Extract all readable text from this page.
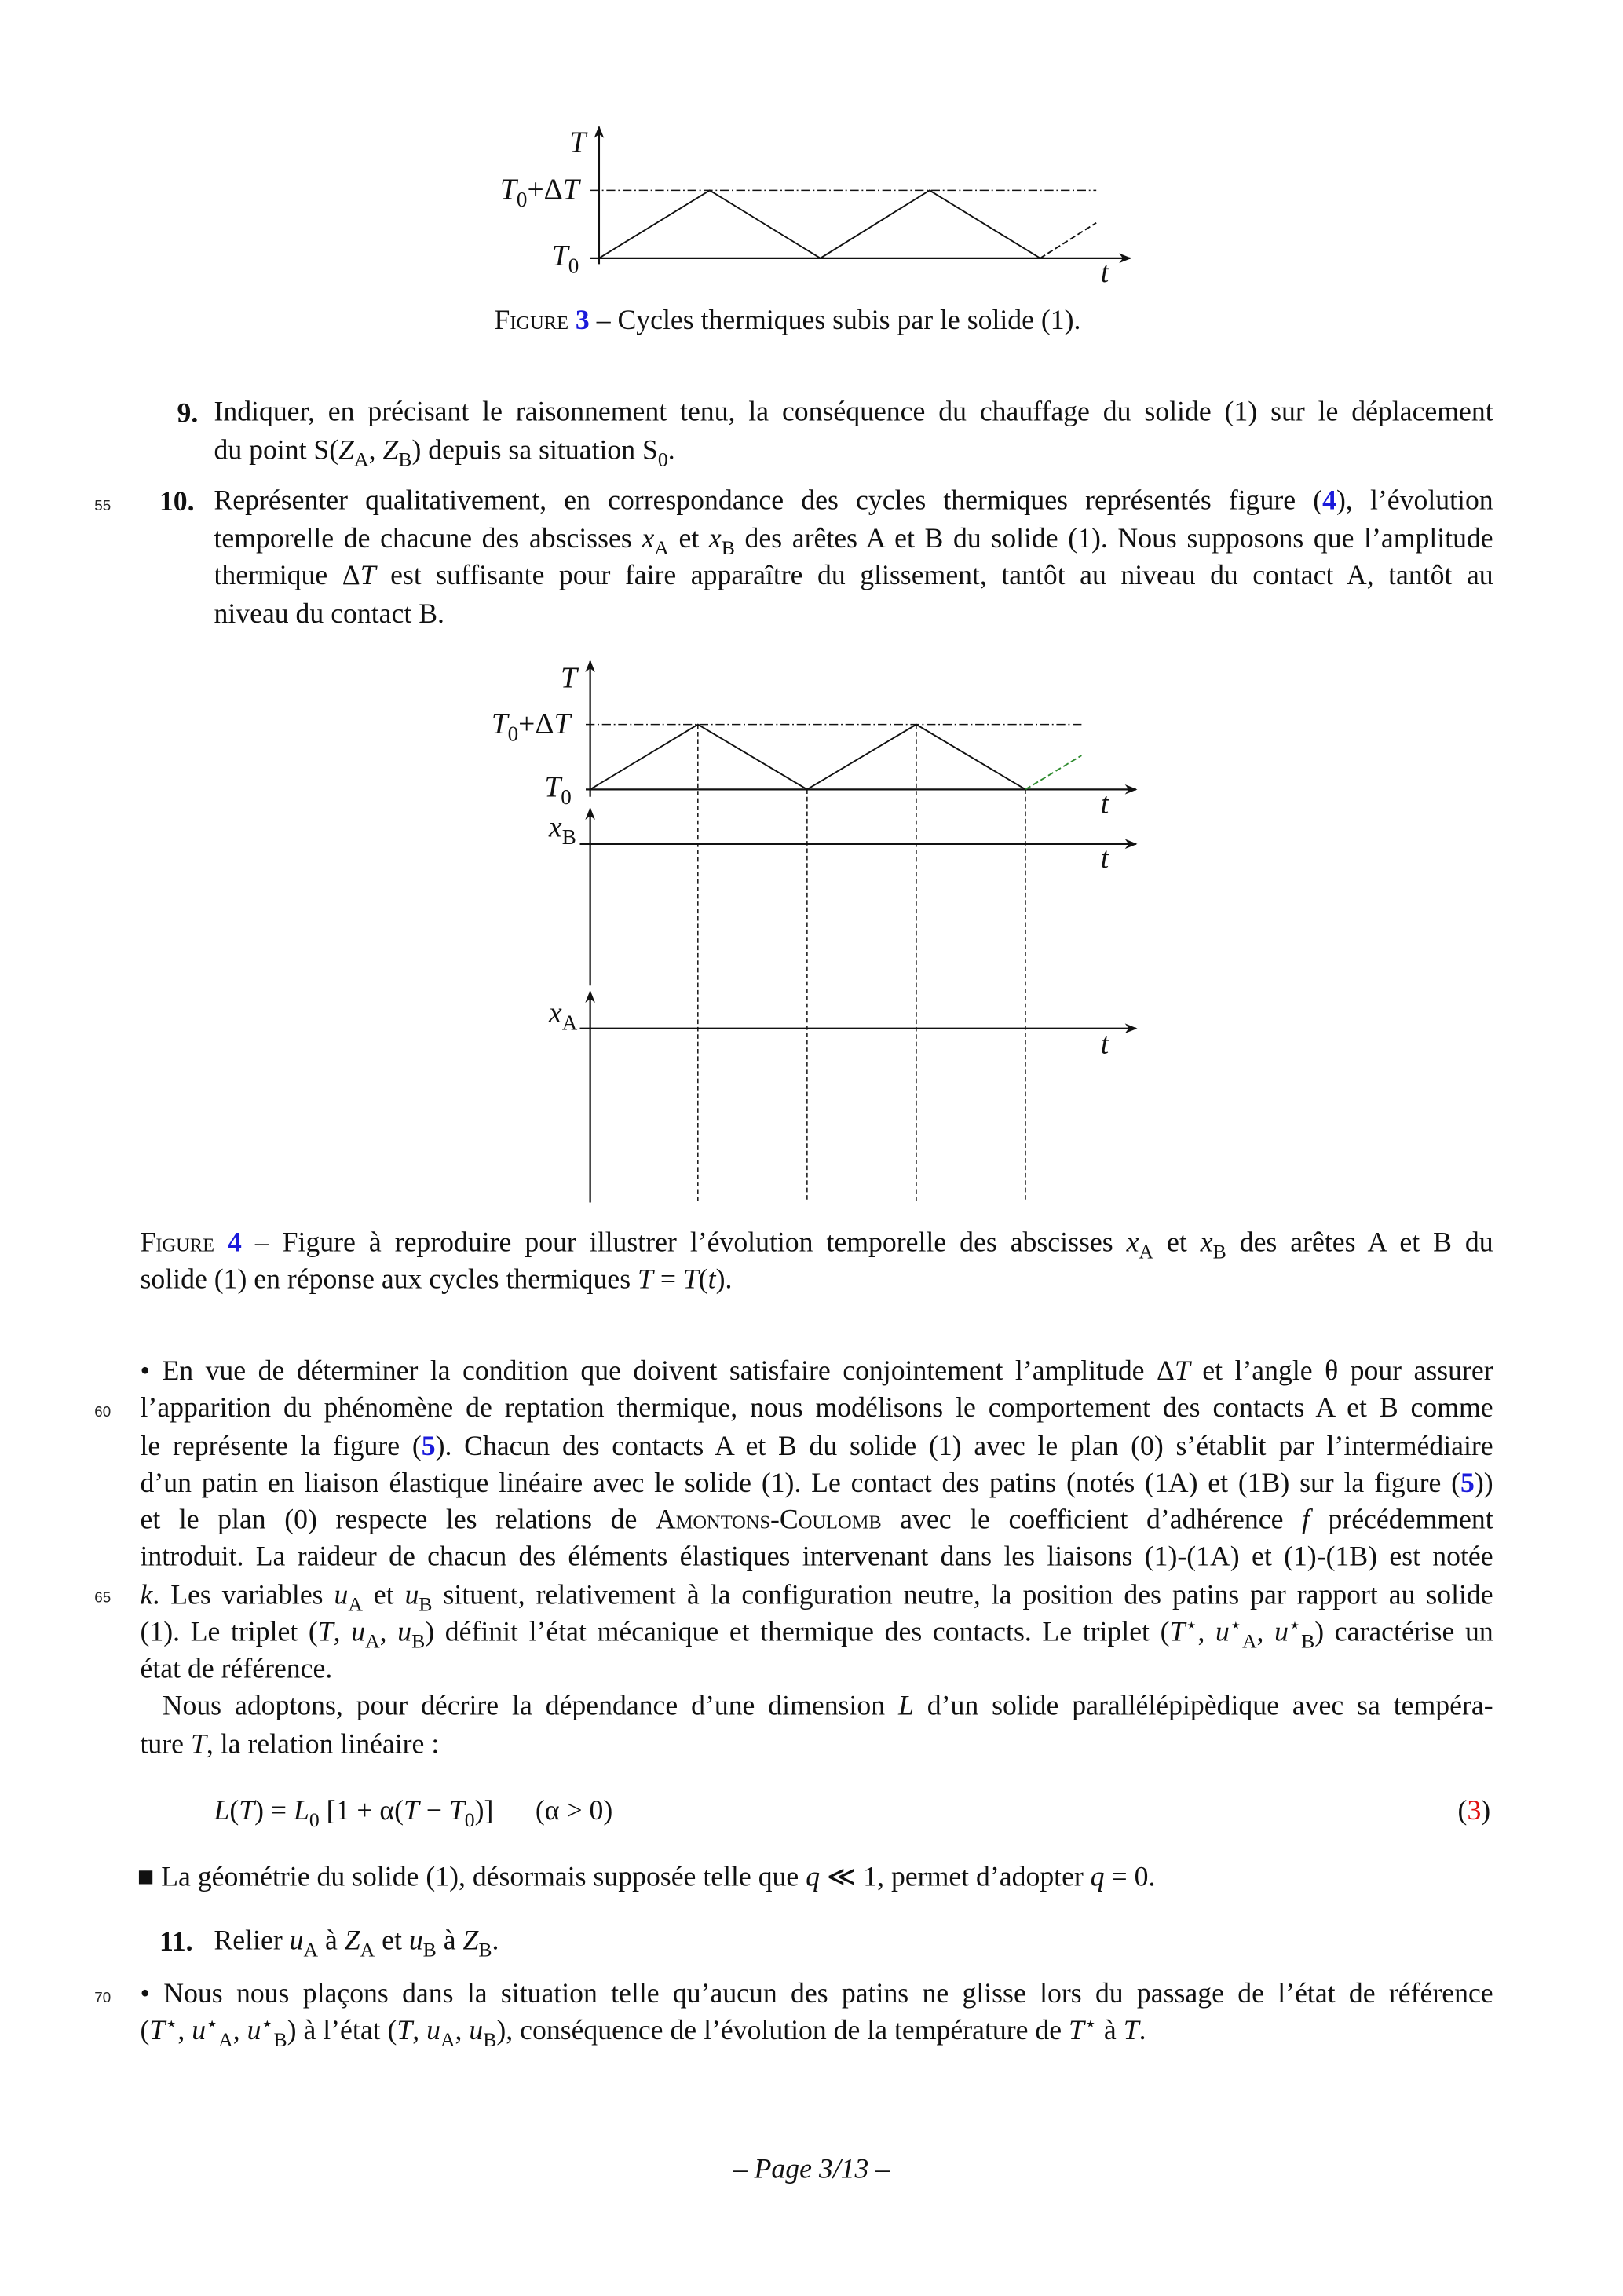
T
$T_0+\Delta T$
$T_0$	t
Figure 3 – Cycles thermiques subis par le solide (1).
9. Indiquer, en précisant le raisonnement tenu, la conséquence du chauffage du solide (1) sur le déplacement
du point $S(Z_A$, $Z_B$) depuis sa situation $S_0$.
55	10. Représenter qualitativement, en correspondance des cycles thermiques représentés figure (4), l’évolution
temporelle de chacune des abscisses $x_A$ et $x_B$ des arêtes A et B du solide (1). Nous supposons que l’amplitude
thermique ΔT est suffisante pour faire apparaître du glissement, tantôt au niveau du contact A, tantôt au
niveau du contact B.
T
$T_0+\Delta T$
$T_0$	t
$x_B$
t
$x_A$
t
Figure 4 – Figure à reproduire pour illustrer l’évolution temporelle des abscisses $x_A$ et $x_B$ des arêtes A et B du
solide (1) en réponse aux cycles thermiques T = T(t).
• En vue de déterminer la condition que doivent satisfaire conjointement l’amplitude ΔT et l’angle θ pour assurer
60 l’apparition du phénomène de reptation thermique, nous modélisons le comportement des contacts A et B comme
le représente la figure (5). Chacun des contacts A et B du solide (1) avec le plan (0) s’établit par l’intermédiaire
d’un patin en liaison élastique linéaire avec le solide (1). Le contact des patins (notés (1A) et (1B) sur la figure (5))
et le plan (0) respecte les relations de Amontons-Coulomb avec le coefficient d’adhérence f précédemment
introduit. La raideur de chacun des éléments élastiques intervenant dans les liaisons (1)-(1A) et (1)-(1B) est notée
65 k. Les variables $u_A$ et $u_B$ situent, relativement à la configuration neutre, la position des patins par rapport au solide
(1). Le triplet (T, $u_A$, $u_B$) définit l’état mécanique et thermique des contacts. Le triplet (T⋆, $u^⋆_A$, $u^⋆_B$) caractérise un
état de référence.
Nous adoptons, pour décrire la dépendance d’une dimension L d’un solide parallélépipèdique avec sa tempéra-
ture T, la relation linéaire :
$L(T) = L_0$ $[1 + \alpha(T - T_0)]$      (α > 0)	(3)
■ La géométrie du solide (1), désormais supposée telle que q ≪ 1, permet d’adopter q = 0.
11. Relier $u_A$ à $Z_A$ et $u_B$ à $Z_B$.
70 • Nous nous plaçons dans la situation telle qu’aucun des patins ne glisse lors du passage de l’état de référence
(T⋆, $u^⋆_A$, $u^⋆_B$) à l’état (T, $u_A$, $u_B$), conséquence de l’évolution de la température de T⋆ à T.
– Page 3/13 –
